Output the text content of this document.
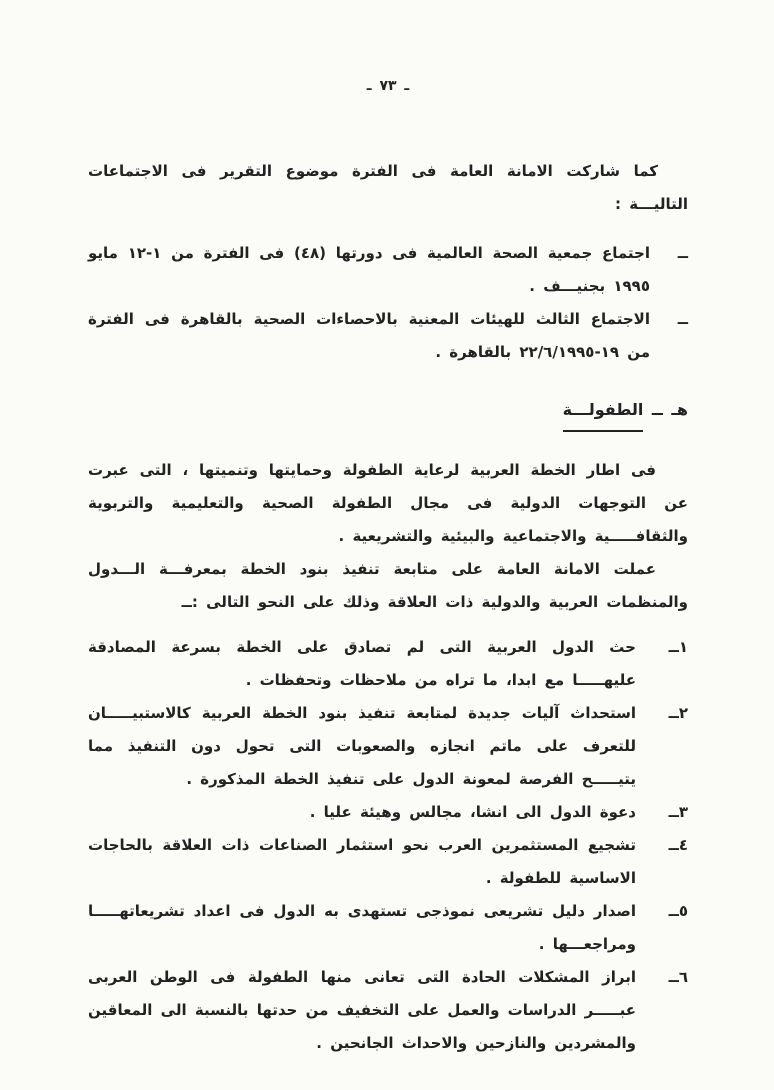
ـ ٧٣ ـ

كما شاركت الامانة العامة فى الفترة موضوع التقرير فى الاجتماعات التاليـــة :

ــ
اجتماع جمعية الصحة العالمية فى دورتها (٤٨) فى الفترة من ١-١٢ مايو ١٩٩٥ بجنيـــف .
ــ
الاجتماع الثالث للهيئات المعنية بالاحصاءات الصحية بالقاهرة فى الفترة من ١٩-٢٢/٦/١٩٩٥ بالقاهرة .
هـ ــ الطفولـــة

فى اطار الخطة العربية لرعاية الطفولة وحمايتها وتنميتها ، التى عبرت عن التوجهات الدولية فى مجال الطفولة الصحية والتعليمية والتربوية والثقافـــــية والاجتماعية والبيئية والتشريعية .

عملت الامانة العامة على متابعة تنفيذ بنود الخطة بمعرفـــة الـــدول والمنظمات العربية والدولية ذات العلاقة وذلك على النحو التالى :ــ

١ــ
حث الدول العربية التى لم تصادق على الخطة بسرعة المصادقة عليهـــــا مع ابدا، ما تراه من ملاحظات وتحفظات .
٢ــ
استحداث آليات جديدة لمتابعة تنفيذ بنود الخطة العربية كالاستبيـــــان للتعرف على ماتم انجازه والصعوبات التى تحول دون التنفيذ مما يتيـــــح الفرصة لمعونة الدول على تنفيذ الخطة المذكورة .
٣ــ
دعوة الدول الى انشا، مجالس وهيئة عليا .
٤ــ
تشجيع المستثمرين العرب نحو استثمار الصناعات ذات العلاقة بالحاجات الاساسية للطفولة .
٥ــ
اصدار دليل تشريعى نموذجى تستهدى به الدول فى اعداد تشريعاتهـــــا ومراجعـــها .
٦ــ
ابراز المشكلات الحادة التى تعانى منها الطفولة فى الوطن العربى عبـــــر الدراسات والعمل على التخفيف من حدتها بالنسبة الى المعاقين والمشردين والنازحين والاحداث الجانحين .
